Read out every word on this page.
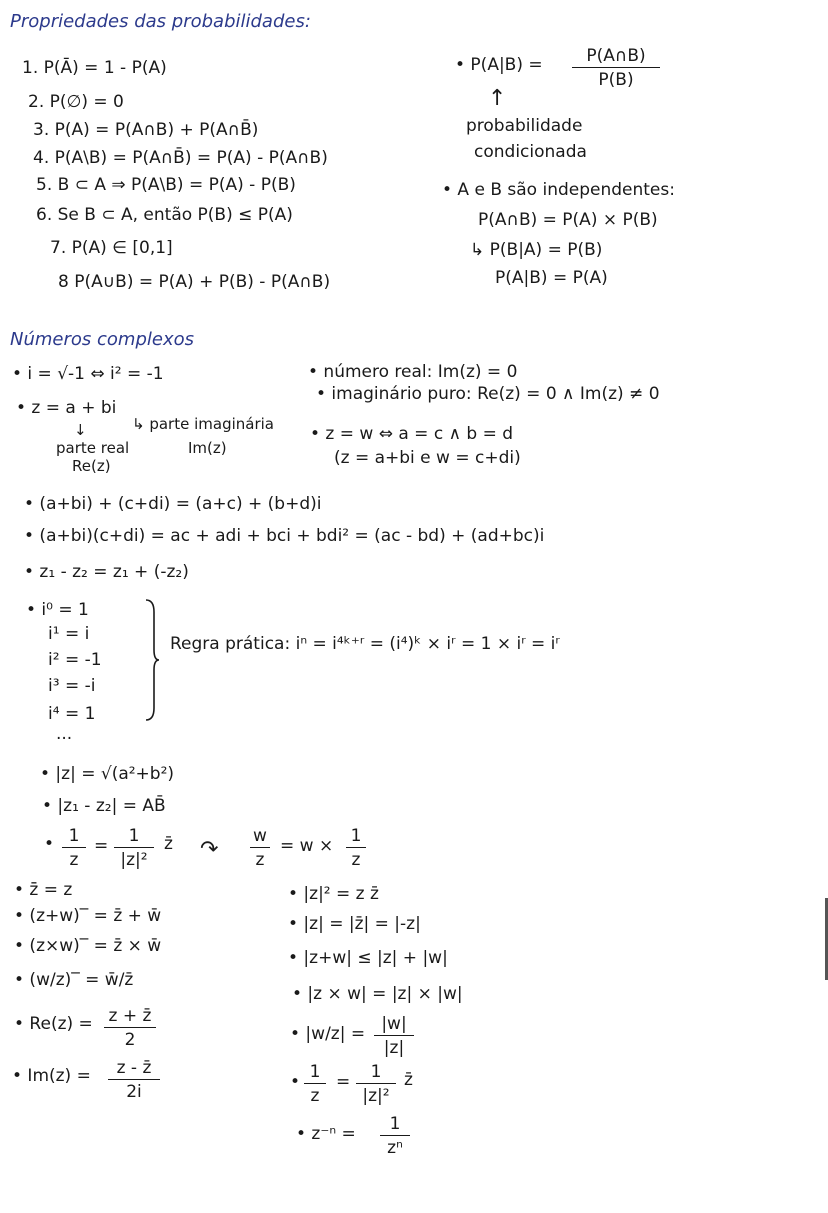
Propriedades das probabilidades:
1. P(Ā) = 1 - P(A)
2. P(∅) = 0
3. P(A) = P(A∩B) + P(A∩B̄)
4. P(A\B) = P(A∩B̄) = P(A) - P(A∩B)
5. B ⊂ A ⇒ P(A\B) = P(A) - P(B)
6. Se B ⊂ A, então P(B) ≤ P(A)
7. P(A) ∈ [0,1]
8 P(A∪B) = P(A) + P(B) - P(A∩B)
• $P(A|B) = \frac{P(A\cap B)}{P(B)}$
↑
probabilidade
condicionada
• A e B são independentes:
P(A∩B) = P(A) × P(B)
↳ P(B|A) = P(B)
P(A|B) = P(A)
Números complexos
• i = √-1 ⇔ i² = -1
• z = a + bi
↳ parte imaginária
Im(z)
↓
parte real
Re(z)
• número real: Im(z) = 0
• imaginário puro: Re(z) = 0 ∧ Im(z) ≠ 0
• z = w ⇔ a = c ∧ b = d
(z = a+bi e w = c+di)
• (a+bi) + (c+di) = (a+c) + (b+d)i
• (a+bi)(c+di) = ac + adi + bci + bdi² = (ac - bd) + (ad+bc)i
• z₁ - z₂ = z₁ + (-z₂)
• i⁰ = 1
i¹ = i
i² = -1
i³ = -i
i⁴ = 1
...
Regra prática: iⁿ = i⁴ᵏ⁺ʳ = (i⁴)ᵏ × iʳ = 1 × iʳ = iʳ
• |z| = √(a²+b²)
• |z₁ - z₂| = AB̄
• $\frac{1}{z} = \frac{1}{\text{|z|²}}$ z̄ ↷ $\frac{w}{z} = w \times \frac{1}{z}$
• z̄̄ = z
• (z+w)‾ = z̄ + w̄
• (z×w)‾ = z̄ × w̄
• (w/z)‾ = w̄/z̄
• $Re(z) = \frac{z + z̄}{2}$
• $Im(z) = \frac{z - z̄}{2i}$
• |z|² = z z̄
• |z| = |z̄| = |-z|
• |z+w| ≤ |z| + |w|
• |z × w| = |z| × |w|
• $|w/z| = \frac{|w|}{|z|}$
• $\frac{1}{z} = \frac{1}{\text{|z|²}}$ z̄
• $z^{-n} = \frac{1}{\text{zⁿ}}$
